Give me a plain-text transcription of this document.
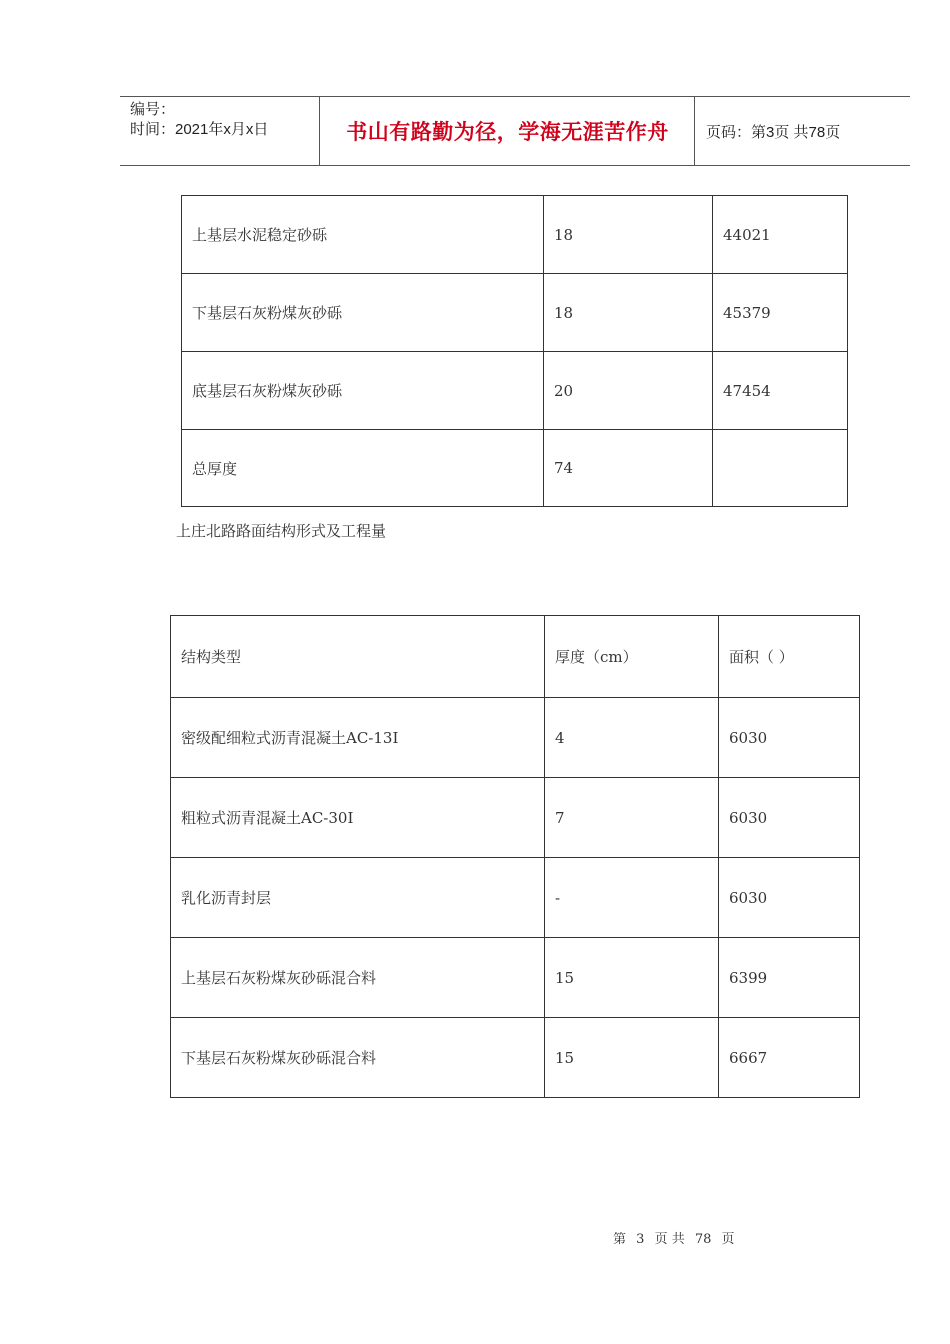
编号：
时间：2021年x月x日	书山有路勤为径，学海无涯苦作舟	页码：第3页 共78页
上基层水泥稳定砂砾	18	44021
下基层石灰粉煤灰砂砾	18	45379
底基层石灰粉煤灰砂砾	20	47454
总厚度	74	
上庄北路路面结构形式及工程量
结构类型	厚度（cm）	面积（ ）
密级配细粒式沥青混凝土AC-13Ⅰ	4	6030
粗粒式沥青混凝土AC-30Ⅰ	7	6030
乳化沥青封层	-	6030
上基层石灰粉煤灰砂砾混合料	15	6399
下基层石灰粉煤灰砂砾混合料	15	6667
第 3 页 共 78 页
